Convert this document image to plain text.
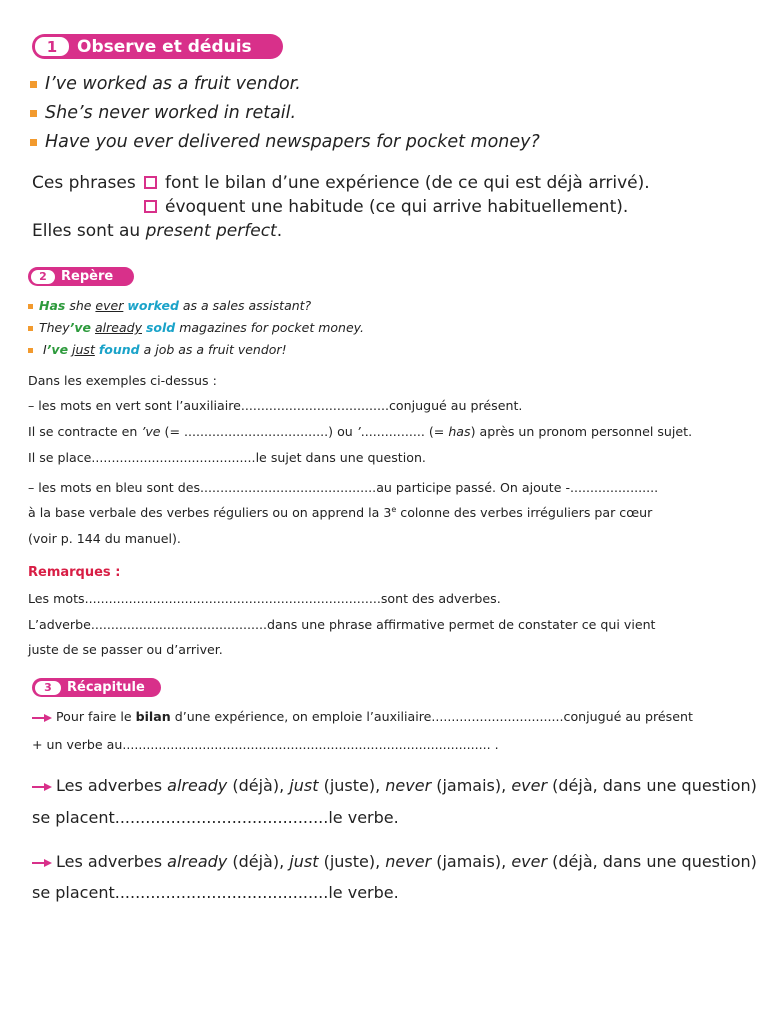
1	Observe et déduis
I’ve worked as a fruit vendor.
She’s never worked in retail.
Have you ever delivered newspapers for pocket money?
Ces phrases	font le bilan d’une expérience (de ce qui est déjà arrivé).
évoquent une habitude (ce qui arrive habituellement).
Elles sont au present perfect.
2	Repère
Has she ever worked as a sales assistant?
They’ve already sold magazines for pocket money.
I’ve just found a job as a fruit vendor!
Dans les exemples ci-dessus :
– les mots en vert sont l’auxiliaire.....................................conjugué au présent.
Il se contracte en ’ve (= ....................................) ou ’................ (= has) après un pronom personnel sujet.
Il se place.........................................le sujet dans une question.
– les mots en bleu sont des............................................au participe passé. On ajoute -......................
à la base verbale des verbes réguliers ou on apprend la 3e colonne des verbes irréguliers par cœur
(voir p. 144 du manuel).
Remarques :
Les mots..........................................................................sont des adverbes.
L’adverbe............................................dans une phrase affirmative permet de constater ce qui vient
juste de se passer ou d’arriver.
3	Récapitule
Pour faire le bilan d’une expérience, on emploie l’auxiliaire.................................conjugué au présent
+ un verbe au............................................................................................ .
Les adverbes already (déjà), just (juste), never (jamais), ever (déjà, dans une question)
se placent..........................................le verbe.
Les adverbes already (déjà), just (juste), never (jamais), ever (déjà, dans une question)
se placent..........................................le verbe.
